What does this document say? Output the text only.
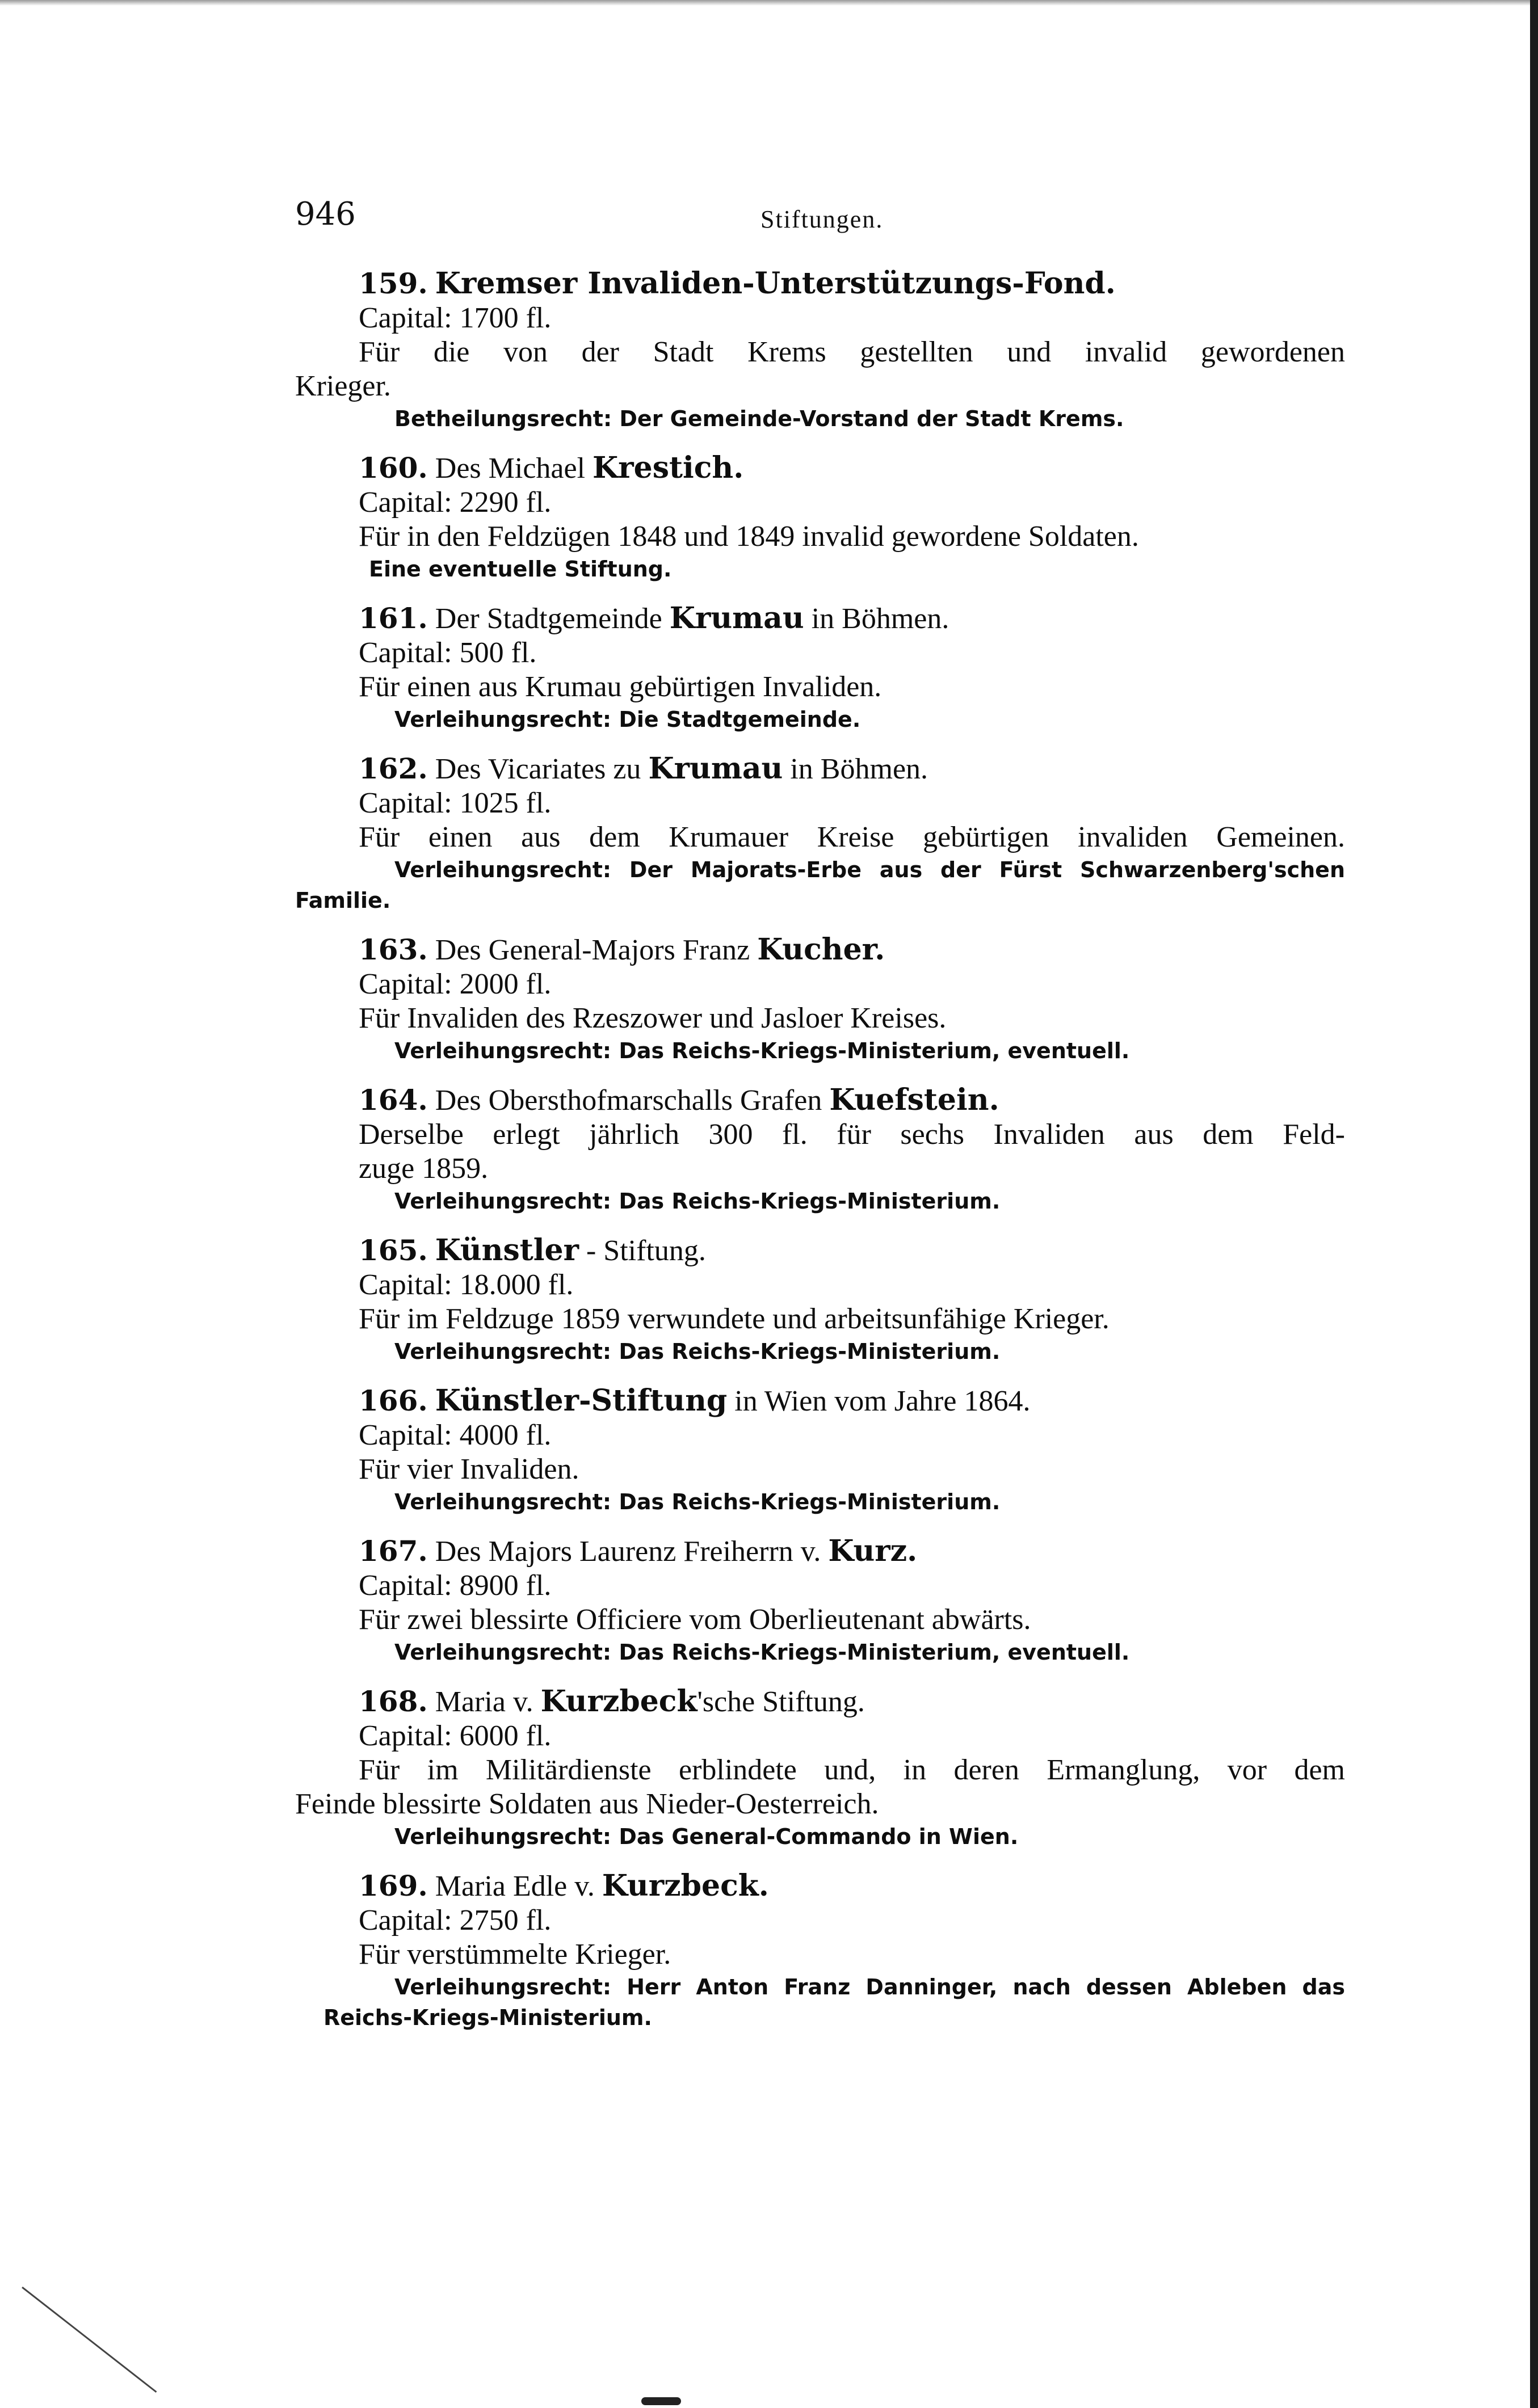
946	Stiftungen.
159. Kremser Invaliden-Unterstützungs-Fond.
Capital: 1700 fl.
Für die von der Stadt Krems gestellten und invalid gewordenen
Krieger.
Betheilungsrecht: Der Gemeinde-Vorstand der Stadt Krems.
160. Des Michael Krestich.
Capital: 2290 fl.
Für in den Feldzügen 1848 und 1849 invalid gewordene Soldaten.
Eine eventuelle Stiftung.
161. Der Stadtgemeinde Krumau in Böhmen.
Capital: 500 fl.
Für einen aus Krumau gebürtigen Invaliden.
Verleihungsrecht: Die Stadtgemeinde.
162. Des Vicariates zu Krumau in Böhmen.
Capital: 1025 fl.
Für einen aus dem Krumauer Kreise gebürtigen invaliden Gemeinen.
Verleihungsrecht: Der Majorats-Erbe aus der Fürst Schwarzenberg'schen
Familie.
163. Des General-Majors Franz Kucher.
Capital: 2000 fl.
Für Invaliden des Rzeszower und Jasloer Kreises.
Verleihungsrecht: Das Reichs-Kriegs-Ministerium, eventuell.
164. Des Obersthofmarschalls Grafen Kuefstein.
Derselbe erlegt jährlich 300 fl. für sechs Invaliden aus dem Feld-
zuge 1859.
Verleihungsrecht: Das Reichs-Kriegs-Ministerium.
165. Künstler - Stiftung.
Capital: 18.000 fl.
Für im Feldzuge 1859 verwundete und arbeitsunfähige Krieger.
Verleihungsrecht: Das Reichs-Kriegs-Ministerium.
166. Künstler-Stiftung in Wien vom Jahre 1864.
Capital: 4000 fl.
Für vier Invaliden.
Verleihungsrecht: Das Reichs-Kriegs-Ministerium.
167. Des Majors Laurenz Freiherrn v. Kurz.
Capital: 8900 fl.
Für zwei blessirte Officiere vom Oberlieutenant abwärts.
Verleihungsrecht: Das Reichs-Kriegs-Ministerium, eventuell.
168. Maria v. Kurzbeck'sche Stiftung.
Capital: 6000 fl.
Für im Militärdienste erblindete und, in deren Ermanglung, vor dem
Feinde blessirte Soldaten aus Nieder-Oesterreich.
Verleihungsrecht: Das General-Commando in Wien.
169. Maria Edle v. Kurzbeck.
Capital: 2750 fl.
Für verstümmelte Krieger.
Verleihungsrecht: Herr Anton Franz Danninger, nach dessen Ableben das
Reichs-Kriegs-Ministerium.
